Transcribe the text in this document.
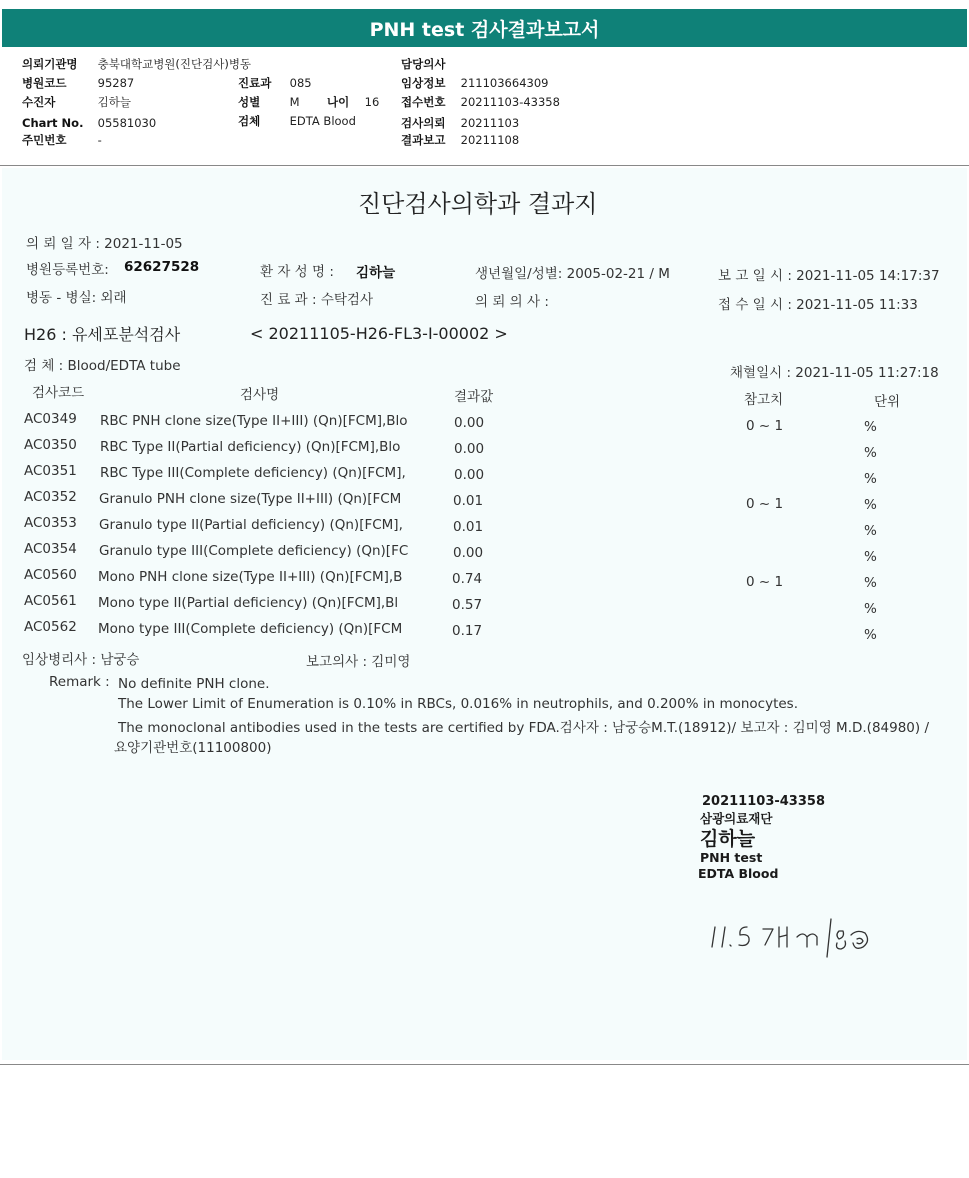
PNH test 검사결과보고서
의뢰기관명 충북대학교병원(진단검사)병동
병원코드	95287
수진자	김하늘
Chart No. 05581030
주민번호	-
진료과 085
성별	M 나이 16
검체	EDTA Blood
담당의사
임상정보 211103664309
접수번호 20211103-43358
검사의뢰 20211103
결과보고 20211108
진단검사의학과 결과지
의 뢰 일 자 : 2021-11-05
병원등록번호: 62627528
병동 - 병실: 외래
환 자 성 명 : 김하늘
진 료 과 : 수탁검사
생년월일/성별: 2005-02-21 / M
의 뢰 의 사 :
보 고 일 시 : 2021-11-05 14:17:37
접 수 일 시 : 2021-11-05 11:33
H26 : 유세포분석검사	< 20211105-H26-FL3-I-00002 >
검 체 : Blood/EDTA tube	채혈일시 : 2021-11-05 11:27:18
검사코드	검사명	결과값	참고치	단위
AC0349 RBC PNH clone size(Type II+III) (Qn)[FCM],Blo	0.00	0 ~ 1	%
AC0350 RBC Type II(Partial deficiency) (Qn)[FCM],Blo	0.00	%
AC0351 RBC Type III(Complete deficiency) (Qn)[FCM],	0.00	%
AC0352 Granulo PNH clone size(Type II+III) (Qn)[FCM	0.01	0 ~ 1	%
AC0353 Granulo type II(Partial deficiency) (Qn)[FCM],	0.01	%
AC0354 Granulo type III(Complete deficiency) (Qn)[FC	0.00	%
AC0560 Mono PNH clone size(Type II+III) (Qn)[FCM],B	0.74	0 ~ 1	%
AC0561 Mono type II(Partial deficiency) (Qn)[FCM],Bl	0.57	%
AC0562 Mono type III(Complete deficiency) (Qn)[FCM	0.17	%
임상병리사 : 남궁승	보고의사 : 김미영
Remark : No definite PNH clone.
The Lower Limit of Enumeration is 0.10% in RBCs, 0.016% in neutrophils, and 0.200% in monocytes.
The monoclonal antibodies used in the tests are certified by FDA.검사자 : 남궁승M.T.(18912)/ 보고자 : 김미영 M.D.(84980) /
요양기관번호(11100800)
20211103-43358
삼광의료재단
김하늘
PNH test
EDTA Blood
